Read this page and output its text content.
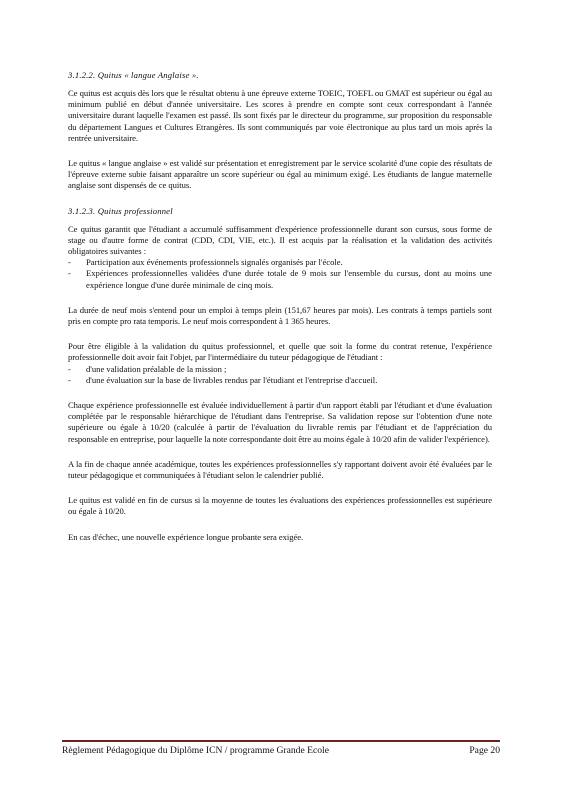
3.1.2.2. Quitus « langue Anglaise ».

Ce quitus est acquis dès lors que le résultat obtenu à une épreuve externe TOEIC, TOEFL ou GMAT est supérieur ou égal au minimum publié en début d'année universitaire. Les scores à prendre en compte sont ceux correspondant à l'année universitaire durant laquelle l'examen est passé. Ils sont fixés par le directeur du programme, sur proposition du responsable du département Langues et Cultures Etrangères. Ils sont communiqués par voie électronique au plus tard un mois après la rentrée universitaire.

Le quitus « langue anglaise » est validé sur présentation et enregistrement par le service scolarité d'une copie des résultats de l'épreuve externe subie faisant apparaître un score supérieur ou égal au minimum exigé. Les étudiants de langue maternelle anglaise sont dispensés de ce quitus.

3.1.2.3. Quitus professionnel

Ce quitus garantit que l'étudiant a accumulé suffisamment d'expérience professionnelle durant son cursus, sous forme de stage ou d'autre forme de contrat (CDD, CDI, VIE, etc.). Il est acquis par la réalisation et la validation des activités obligatoires suivantes :

- Participation aux événements professionnels signalés organisés par l'école.
- Expériences professionnelles validées d'une durée totale de 9 mois sur l'ensemble du cursus, dont au moins une expérience longue d'une durée minimale de cinq mois.

La durée de neuf mois s'entend pour un emploi à temps plein (151,67 heures par mois). Les contrats à temps partiels sont pris en compte pro rata temporis. Le neuf mois correspondent à 1 365 heures.

Pour être éligible à la validation du quitus professionnel, et quelle que soit la forme du contrat retenue, l'expérience professionnelle doit avoir fait l'objet, par l'intermédiaire du tuteur pédagogique de l'étudiant :

- d'une validation préalable de la mission ;
- d'une évaluation sur la base de livrables rendus par l'étudiant et l'entreprise d'accueil.

Chaque expérience professionnelle est évaluée individuellement à partir d'un rapport établi par l'étudiant et d'une évaluation complétée par le responsable hiérarchique de l'étudiant dans l'entreprise. Sa validation repose sur l'obtention d'une note supérieure ou égale à 10/20 (calculée à partir de l'évaluation du livrable remis par l'étudiant et de l'appréciation du responsable en entreprise, pour laquelle la note correspondante doit être au moins égale à 10/20 afin de valider l'expérience).

A la fin de chaque année académique, toutes les expériences professionnelles s'y rapportant doivent avoir été évaluées par le tuteur pédagogique et communiquées à l'étudiant selon le calendrier publié.

Le quitus est validé en fin de cursus si la moyenne de toutes les évaluations des expériences professionnelles est supérieure ou égale à 10/20.

En cas d'échec, une nouvelle expérience longue probante sera exigée.

Règlement Pédagogique du Diplôme ICN / programme Grande Ecole	Page 20
